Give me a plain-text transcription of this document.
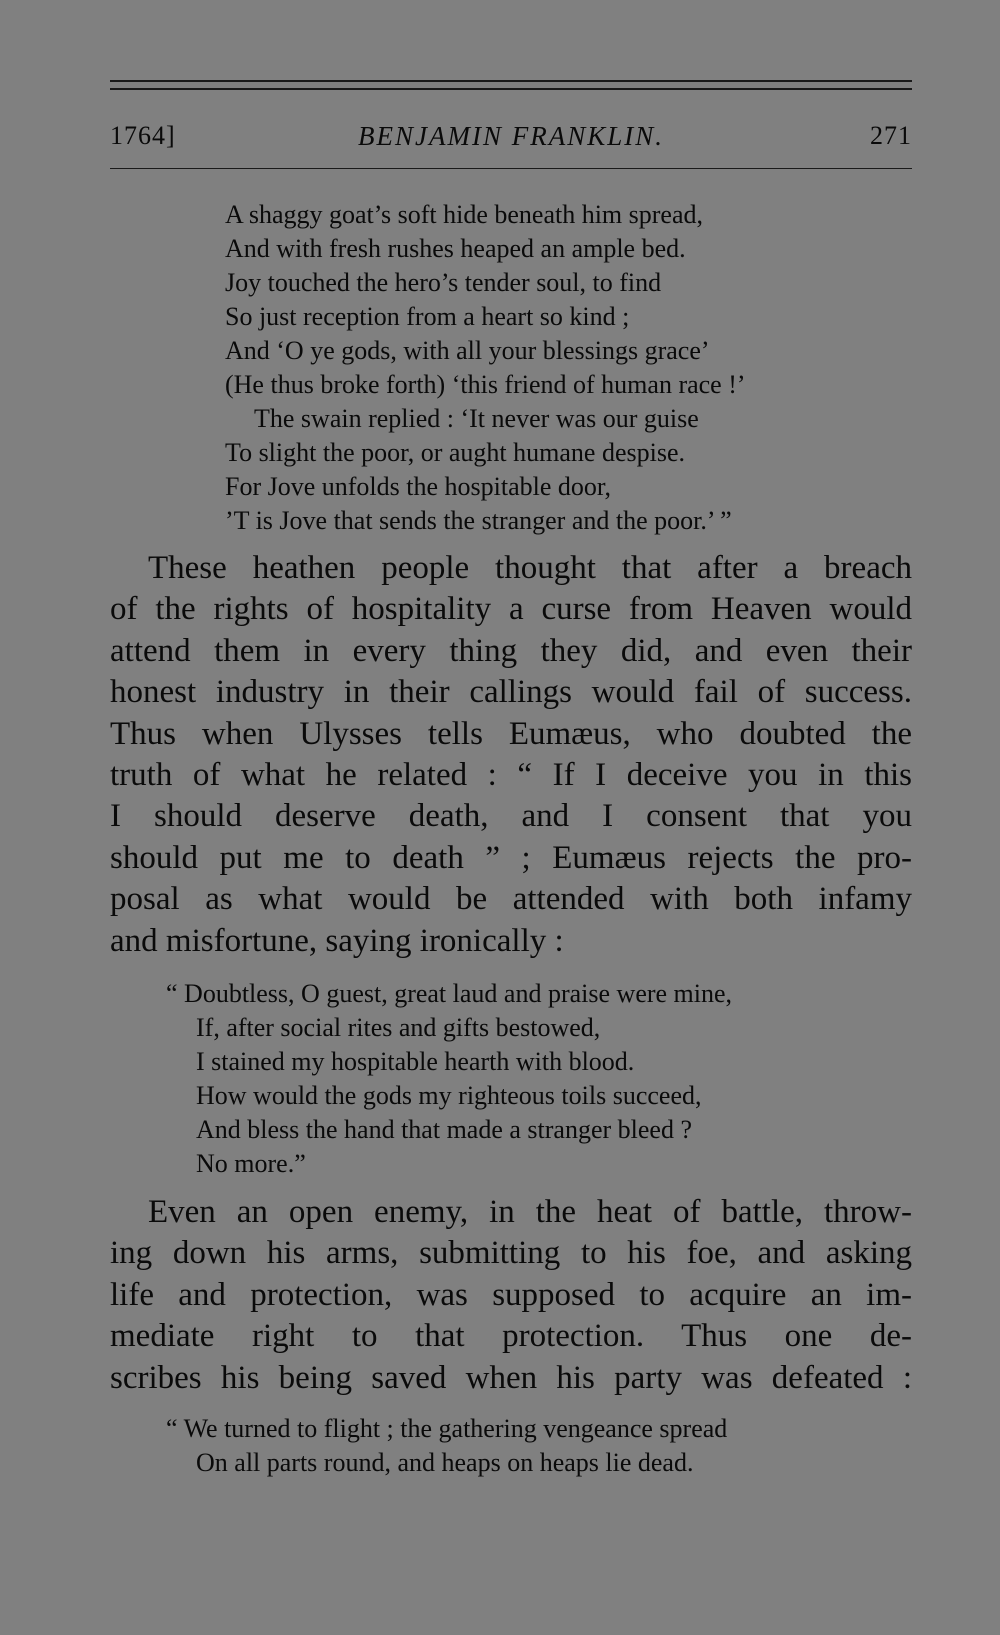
1764]	BENJAMIN FRANKLIN.	271
A shaggy goat’s soft hide beneath him spread,
And with fresh rushes heaped an ample bed.
Joy touched the hero’s tender soul, to find
So just reception from a heart so kind ;
And ‘O ye gods, with all your blessings grace’
(He thus broke forth) ‘this friend of human race !’
The swain replied : ‘It never was our guise
To slight the poor, or aught humane despise.
For Jove unfolds the hospitable door,
’T is Jove that sends the stranger and the poor.’ ”
These heathen people thought that after a breach
of the rights of hospitality a curse from Heaven would
attend them in every thing they did, and even their
honest industry in their callings would fail of success.
Thus when Ulysses tells Eumæus, who doubted the
truth of what he related : “ If I deceive you in this
I should deserve death, and I consent that you
should put me to death ” ; Eumæus rejects the pro-
posal as what would be attended with both infamy
and misfortune, saying ironically :
“ Doubtless, O guest, great laud and praise were mine,
If, after social rites and gifts bestowed,
I stained my hospitable hearth with blood.
How would the gods my righteous toils succeed,
And bless the hand that made a stranger bleed ?
No more.”
Even an open enemy, in the heat of battle, throw-
ing down his arms, submitting to his foe, and asking
life and protection, was supposed to acquire an im-
mediate right to that protection. Thus one de-
scribes his being saved when his party was defeated :
“ We turned to flight ; the gathering vengeance spread
On all parts round, and heaps on heaps lie dead.
